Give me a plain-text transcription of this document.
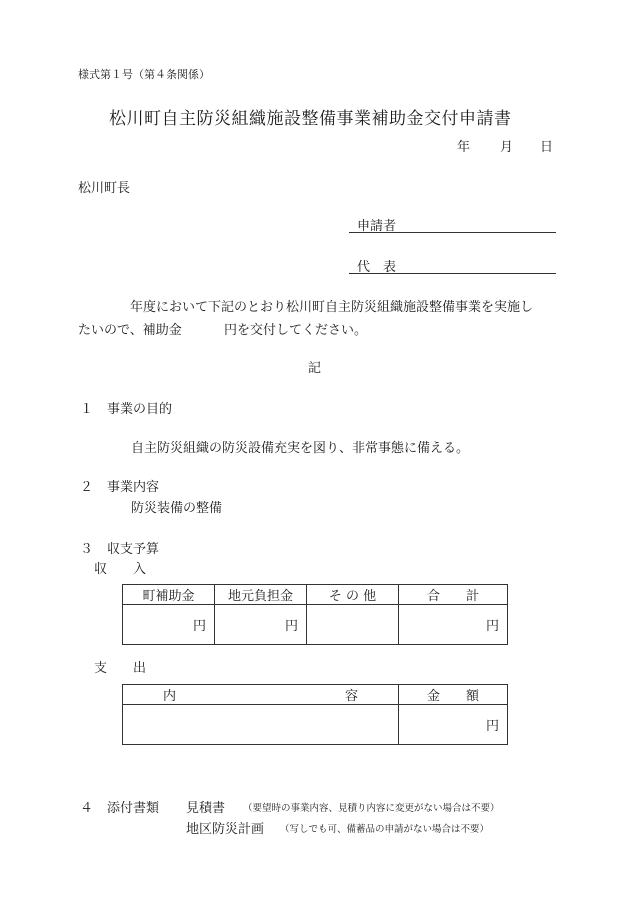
様式第１号（第４条関係）
松川町自主防災組織施設整備事業補助金交付申請書
年 月 日
松川町長
申請者
代　表
年度において下記のとおり松川町自主防災組織施設整備事業を実施し
たいので、補助金	円を交付してください。
記
１ 事業の目的
自主防災組織の防災設備充実を図り、非常事態に備える。
２ 事業内容
防災装備の整備
３ 収支予算
収　　入
町補助金	地元負担金	そ の 他	合　　計
円	円		円
支　　出
内　　　　　　　　　　　　　容	金　　額
	円
４ 添付書類 見積書 （要望時の事業内容、見積り内容に変更がない場合は不要）
地区防災計画 （写しでも可、備蓄品の申請がない場合は不要）
